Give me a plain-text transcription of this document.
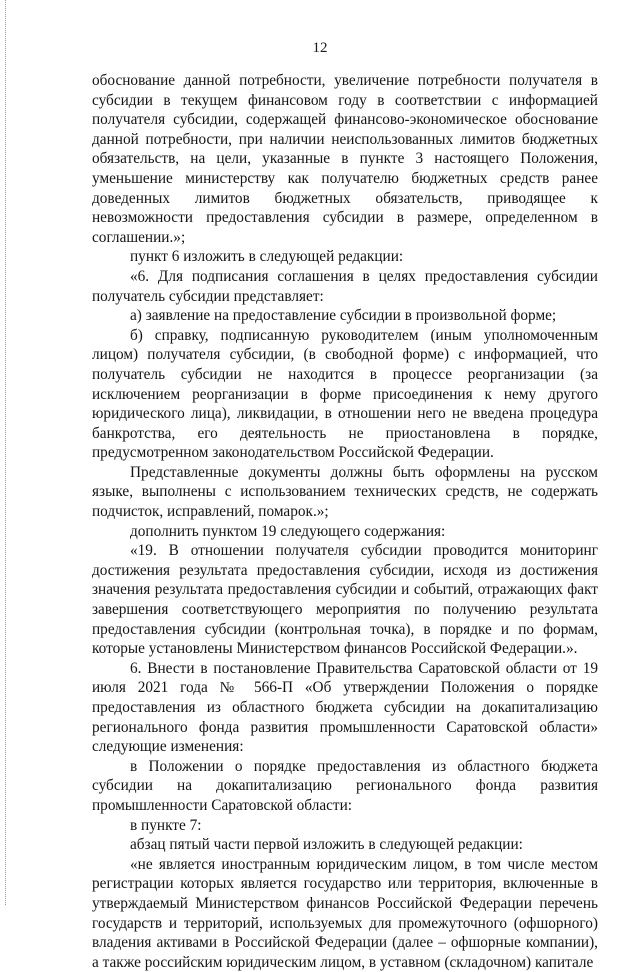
12

обоснование данной потребности, увеличение потребности получателя в субсидии в текущем финансовом году в соответствии с информацией получателя субсидии, содержащей финансово-экономическое обоснование данной потребности, при наличии неиспользованных лимитов бюджетных обязательств, на цели, указанные в пункте 3 настоящего Положения, уменьшение министерству как получателю бюджетных средств ранее доведенных лимитов бюджетных обязательств, приводящее к невозможности предоставления субсидии в размере, определенном в соглашении.»;

пункт 6 изложить в следующей редакции:

«6. Для подписания соглашения в целях предоставления субсидии получатель субсидии представляет:

а) заявление на предоставление субсидии в произвольной форме;

б) справку, подписанную руководителем (иным уполномоченным лицом) получателя субсидии, (в свободной форме) с информацией, что получатель субсидии не находится в процессе реорганизации (за исключением реорганизации в форме присоединения к нему другого юридического лица), ликвидации, в отношении него не введена процедура банкротства, его деятельность не приостановлена в порядке, предусмотренном законодательством Российской Федерации.

Представленные документы должны быть оформлены на русском языке, выполнены с использованием технических средств, не содержать подчисток, исправлений, помарок.»;

дополнить пунктом 19 следующего содержания:

«19. В отношении получателя субсидии проводится мониторинг достижения результата предоставления субсидии, исходя из достижения значения результата предоставления субсидии и событий, отражающих факт завершения соответствующего мероприятия по получению результата предоставления субсидии (контрольная точка), в порядке и по формам, которые установлены Министерством финансов Российской Федерации.».

6. Внести в постановление Правительства Саратовской области от 19 июля 2021 года № 566-П «Об утверждении Положения о порядке предоставления из областного бюджета субсидии на докапитализацию регионального фонда развития промышленности Саратовской области» следующие изменения:

в Положении о порядке предоставления из областного бюджета субсидии на докапитализацию регионального фонда развития промышленности Саратовской области:

в пункте 7:

абзац пятый части первой изложить в следующей редакции:

«не является иностранным юридическим лицом, в том числе местом регистрации которых является государство или территория, включенные в утверждаемый Министерством финансов Российской Федерации перечень государств и территорий, используемых для промежуточного (офшорного) владения активами в Российской Федерации (далее – офшорные компании), а также российским юридическим лицом, в уставном (складочном) капитале
